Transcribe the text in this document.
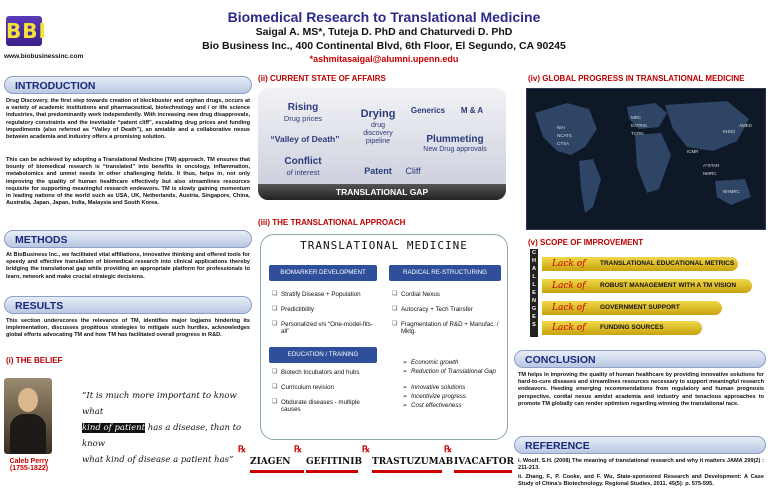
BBI
www.biobusinessinc.com
Biomedical Research to Translational Medicine
Saigal A. MS*, Tuteja D. PhD and Chaturvedi D. PhD
Bio Business Inc., 400 Continental Blvd, 6th Floor, El Segundo, CA 90245
*ashmitasaigal@alumni.upenn.edu
INTRODUCTION
Drug Discovery, the first step towards creation of blockbuster and orphan drugs, occurs at a variety of academic institutions and pharmaceutical, biotechnology and / or life science industries, that predominantly work independently. With increasing new drug disapprovals, regulatory constraints and the inevitable “patent cliff”, escalating drug prices and funding impediments (also referred as “Valley of Death”), an amiable and a collaborative nexus between academia and industry offers a promising solution.
This can be achieved by adopting a Translational Medicine (TM) approach. TM ensures that bounty of biomedical research is “translated” into benefits in oncology, inflammation, metabolomics and unmet needs in other challenging fields. It thus, helps in, not only improving the quality of human healthcare effectively but also streamlines resources requisite for supporting meaningful research endeavors. TM is slowly gaining momentum in leading nations of the world such as USA, UK, Netherlands, Austria, Singapore, China, Australia, Japan, Japan, India, Malaysia and South Korea.
METHODS
At BioBusiness Inc., we facilitated vital affiliations, innovative thinking and offered tools for speedy and effective translation of biomedical research into clinical applications thereby bridging the translational gap while providing an appropriate platform for professionals to learn, network and make crucial strategic decisions.
RESULTS
This section underscores the relevance of TM, identifies major logjams hindering its implementation, discusses propitious strategies to mitigate such hurdles, acknowledges global efforts advocating TM and how TM has facilitated overall progress in R&D.
(i) THE BELIEF
“It is much more important to know what
kind of patient has a disease, than to know
what kind of disease a patient has”
Caleb Perry
(1755-1822)
(ii) CURRENT STATE OF AFFAIRS
Rising
Drug prices
“Valley of Death”
Conflict
of interest
Drying
drug
discovery
pipeline
Generics	M & A
Plummeting
New Drug approvals
Patent	Cliff
TRANSLATIONAL GAP
(iii) THE TRANSLATIONAL APPROACH
TRANSLATIONAL MEDICINE
BIOMARKER DEVELOPMENT	RADICAL RE-STRUCTURING
❑ Stratify Disease + Population
❑ Predictibility
❑ Personalized v/s “One-model-fits-all”
❑ Cordial Nexus
❑ Autocracy + Tech Transfer
❑ Fragmentation of R&D + Manufac. / Mktg.
EDUCATION / TRAINING
❑ Biotech Incubators and hubs
❑ Curriculum revision
❑ Obdurate diseases - multiple causes
➢ Economic growth
➢ Reduction of Translational Gap
➢ Innovative solutions
➢ Incentivize progress
➢ Cost effectiveness
℞
ZIAGEN
℞
GEFITINIB
℞
TRASTUZUMAB
℞
IVACAFTOR
(iv) GLOBAL PROGRESS IN TRANSLATIONAL MEDICINE
NIH
NCATS
CTSA
MRC
EATRIS
TCRN
A*STAR
NMRC
ICMR
NHMRC
AMED
KHIDI
(v) SCOPE OF IMPROVEMENT
C
H
A
L
L
E
N
G
E
S
Lack of TRANSLATIONAL EDUCATIONAL METRICS
Lack of ROBUST MANAGEMENT WITH A TM VISION
Lack of GOVERNMENT SUPPORT
Lack of FUNDING SOURCES
CONCLUSION
TM helps in improving the quality of human healthcare by providing innovative solutions for hard-to-cure diseases and streamlines resources necessary to support meaningful research endeavors. Heeding emerging recommendations from regulatory and human prognosis perspective, cordial nexus amidst academia and industry and tenacious approaches to promote TM globally can render optimism regarding winning the translational race.
REFERENCE
i. Woolf, S.H. (2008) The meaning of translational research and why it matters JAMA 299(2) : 211-213.
ii. Zhang, F., P. Cooke, and F. Wu, State-sponsored Research and Development: A Case Study of China's Biotechnology. Regional Studies, 2011. 45(5): p. 575-595.
